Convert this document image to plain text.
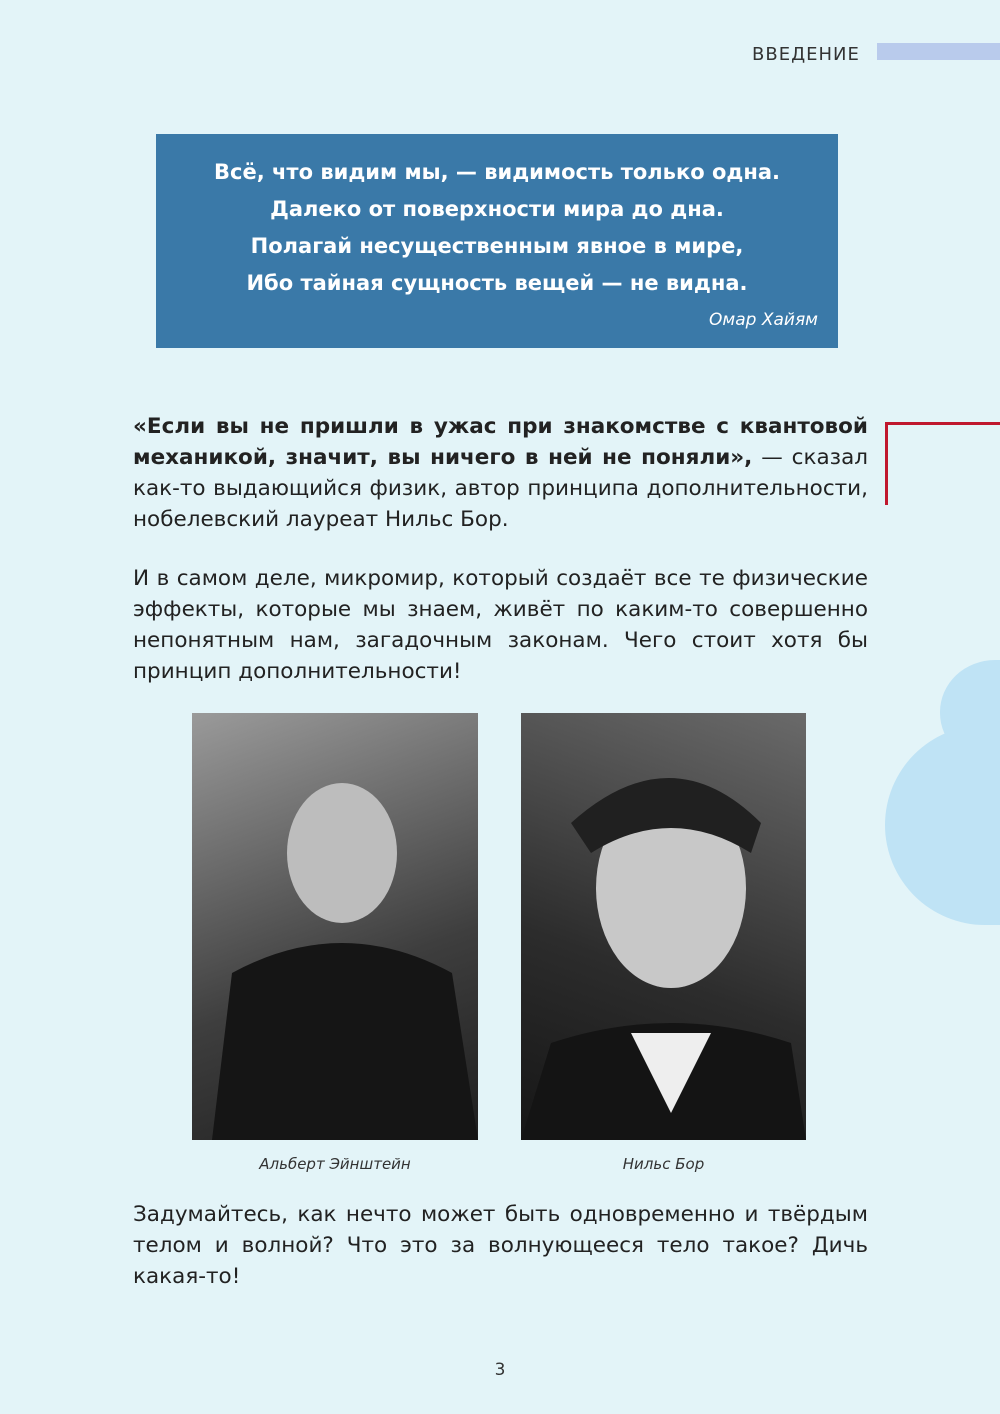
ВВЕДЕНИЕ
Всё, что видим мы, — видимость только одна.
Далеко от поверхности мира до дна.
Полагай несущественным явное в мире,
Ибо тайная сущность вещей — не видна.
Омар Хайям
«Если вы не пришли в ужас при знакомстве с квантовой механикой, значит, вы ничего в ней не поняли», — сказал как-то выдающийся физик, автор принципа дополнительности, нобелевский лауреат Нильс Бор.
И в самом деле, микромир, который создаёт все те физические эффекты, которые мы знаем, живёт по каким-то совершенно непонятным нам, загадочным законам. Чего стоит хотя бы принцип дополнительности!
Альберт Эйнштейн	Нильс Бор
Задумайтесь, как нечто может быть одновременно и твёрдым телом и волной? Что это за волнующееся тело такое? Дичь какая-то!
3
